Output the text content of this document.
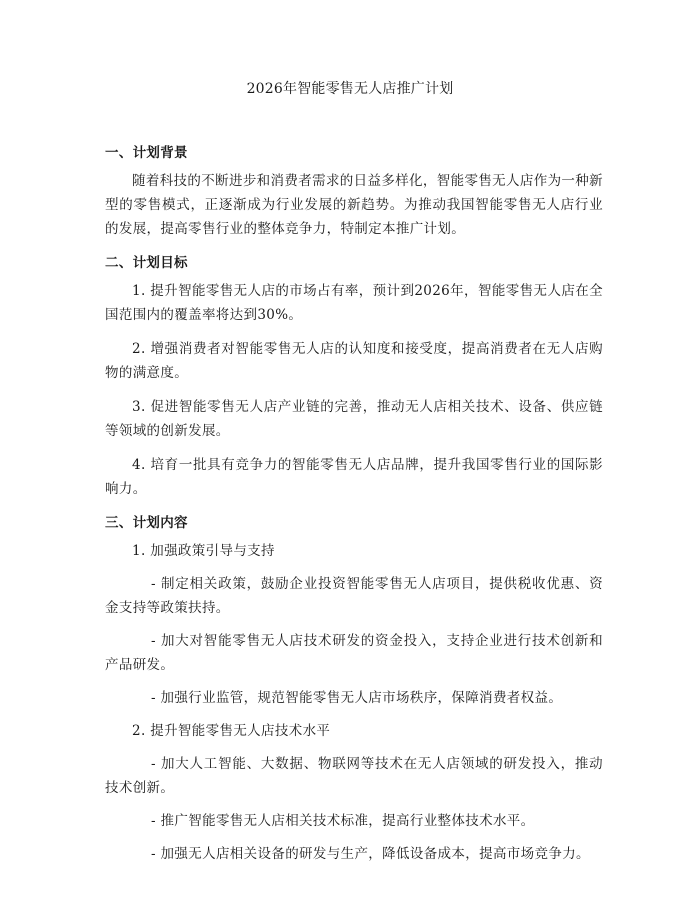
2026年智能零售无人店推广计划
一、计划背景

随着科技的不断进步和消费者需求的日益多样化，智能零售无人店作为一种新型的零售模式，正逐渐成为行业发展的新趋势。为推动我国智能零售无人店行业的发展，提高零售行业的整体竞争力，特制定本推广计划。

二、计划目标

1. 提升智能零售无人店的市场占有率，预计到2026年，智能零售无人店在全国范围内的覆盖率将达到30%。

2. 增强消费者对智能零售无人店的认知度和接受度，提高消费者在无人店购物的满意度。

3. 促进智能零售无人店产业链的完善，推动无人店相关技术、设备、供应链等领域的创新发展。

4. 培育一批具有竞争力的智能零售无人店品牌，提升我国零售行业的国际影响力。

三、计划内容

1. 加强政策引导与支持

- 制定相关政策，鼓励企业投资智能零售无人店项目，提供税收优惠、资金支持等政策扶持。

- 加大对智能零售无人店技术研发的资金投入，支持企业进行技术创新和产品研发。

- 加强行业监管，规范智能零售无人店市场秩序，保障消费者权益。

2. 提升智能零售无人店技术水平

- 加大人工智能、大数据、物联网等技术在无人店领域的研发投入，推动技术创新。

- 推广智能零售无人店相关技术标准，提高行业整体技术水平。

- 加强无人店相关设备的研发与生产，降低设备成本，提高市场竞争力。
